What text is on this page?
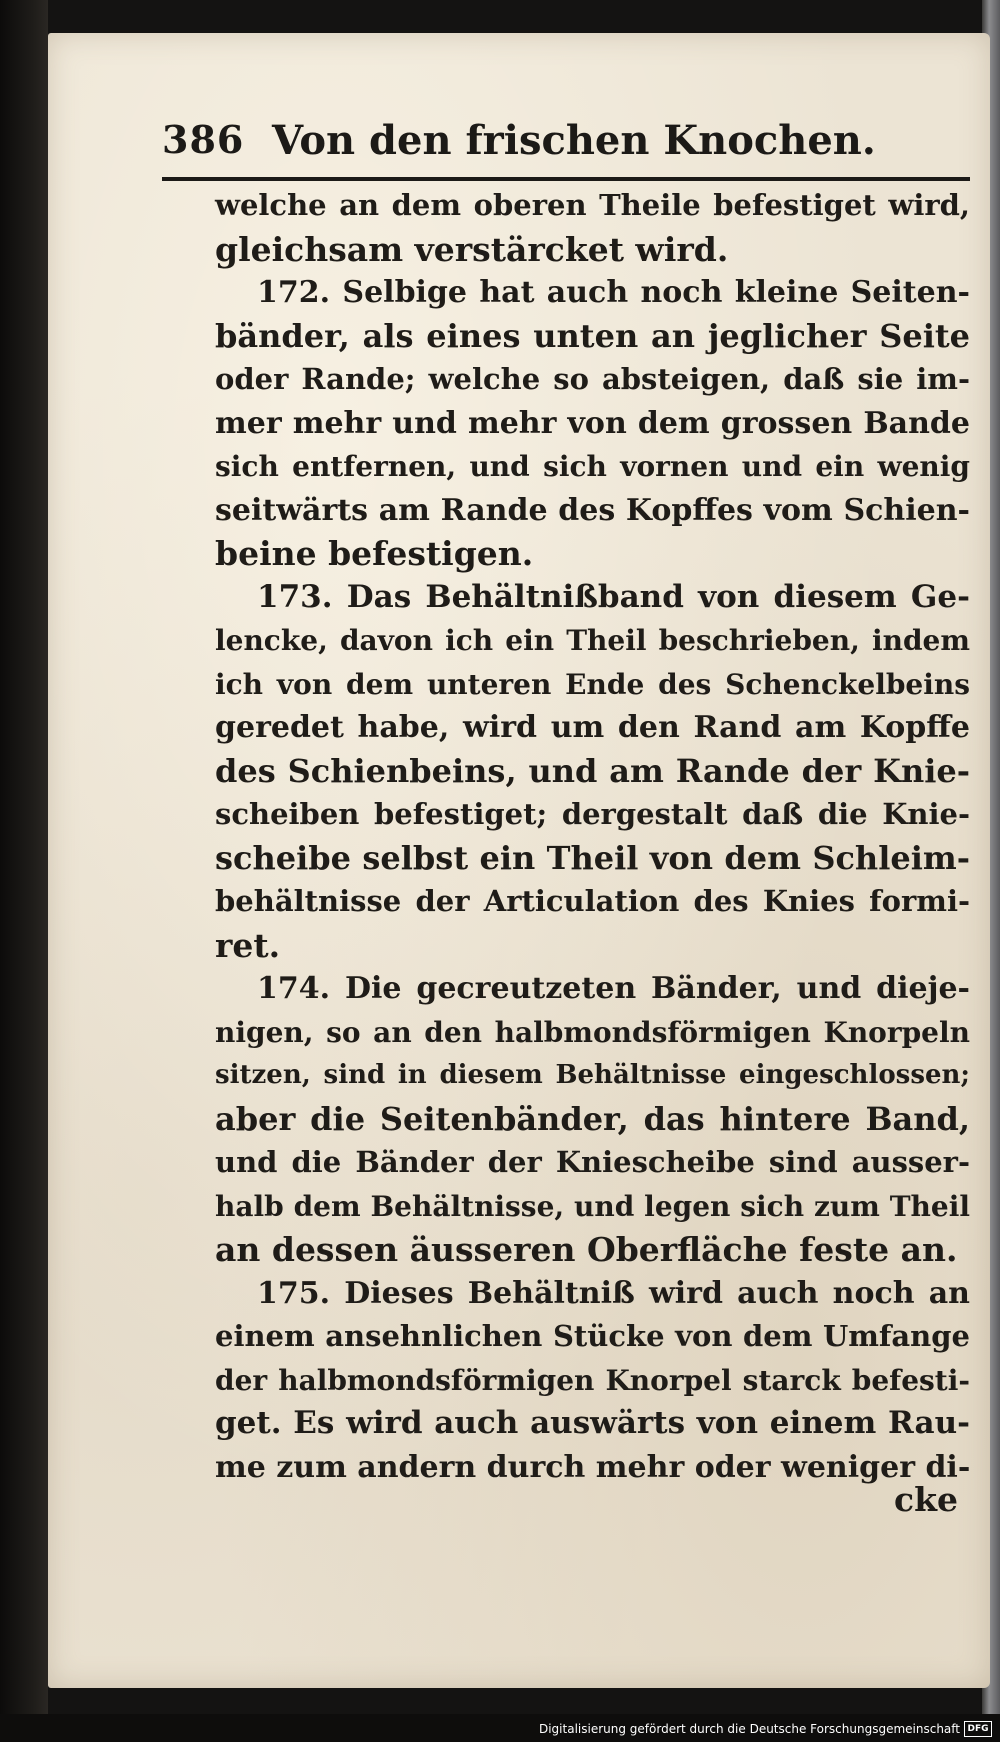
386 Von den frischen Knochen.
welche an dem oberen Theile befestiget wird,
gleichsam verstärcket wird.
172. Selbige hat auch noch kleine Seiten-
bänder, als eines unten an jeglicher Seite
oder Rande; welche so absteigen, daß sie im-
mer mehr und mehr von dem grossen Bande
sich entfernen, und sich vornen und ein wenig
seitwärts am Rande des Kopffes vom Schien-
beine befestigen.
173. Das Behältnißband von diesem Ge-
lencke, davon ich ein Theil beschrieben, indem
ich von dem unteren Ende des Schenckelbeins
geredet habe, wird um den Rand am Kopffe
des Schienbeins, und am Rande der Knie-
scheiben befestiget; dergestalt daß die Knie-
scheibe selbst ein Theil von dem Schleim-
behältnisse der Articulation des Knies formi-
ret.
174. Die gecreutzeten Bänder, und dieje-
nigen, so an den halbmondsförmigen Knorpeln
sitzen, sind in diesem Behältnisse eingeschlossen;
aber die Seitenbänder, das hintere Band,
und die Bänder der Kniescheibe sind ausser-
halb dem Behältnisse, und legen sich zum Theil
an dessen äusseren Oberfläche feste an.
175. Dieses Behältniß wird auch noch an
einem ansehnlichen Stücke von dem Umfange
der halbmondsförmigen Knorpel starck befesti-
get. Es wird auch auswärts von einem Rau-
me zum andern durch mehr oder weniger di-
cke
Digitalisierung gefördert durch die Deutsche Forschungsgemeinschaft DFG
